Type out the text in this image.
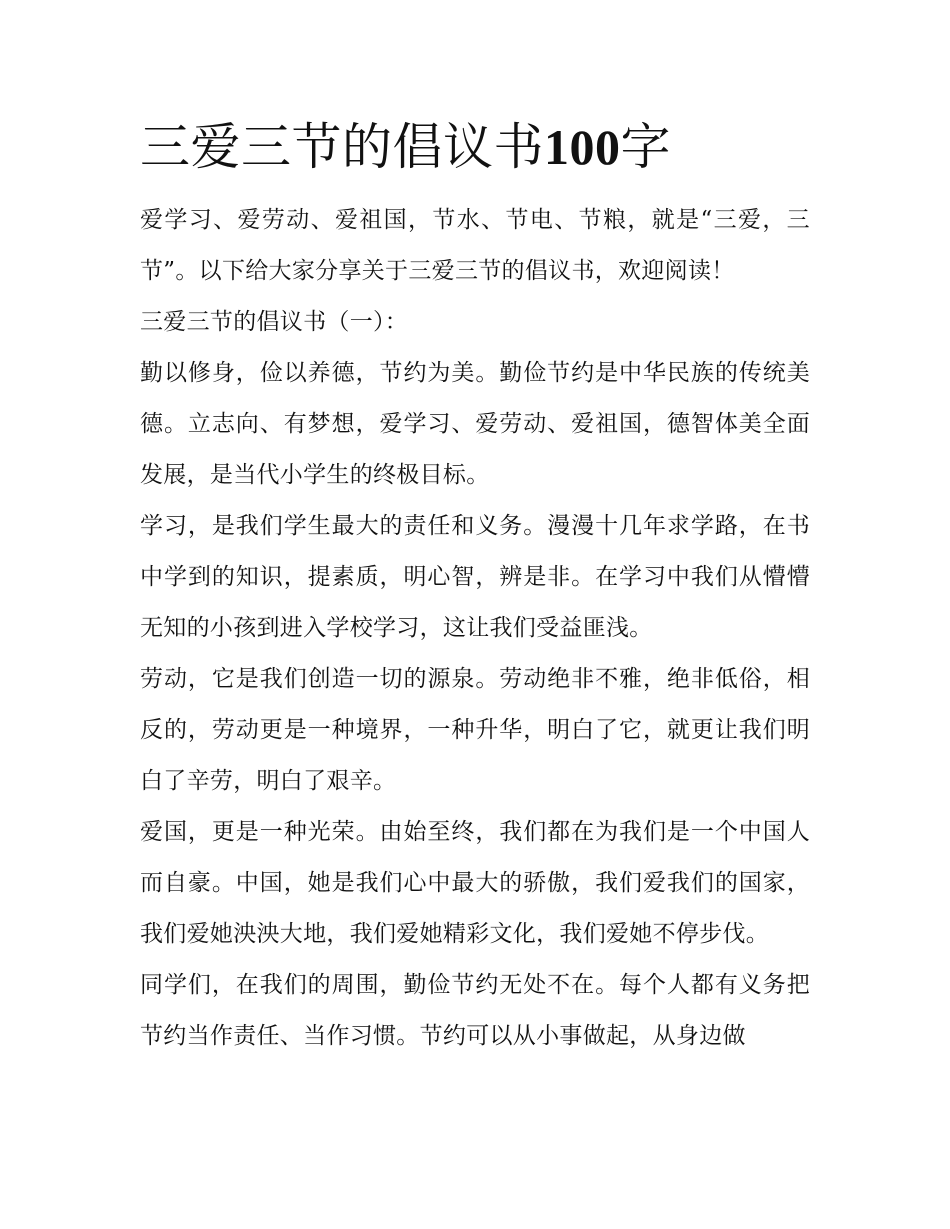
三爱三节的倡议书100字

爱学习、爱劳动、爱祖国，节水、节电、节粮，就是“三爱，三节”。以下给大家分享关于三爱三节的倡议书，欢迎阅读！

三爱三节的倡议书（一）：

勤以修身，俭以养德，节约为美。勤俭节约是中华民族的传统美德。立志向、有梦想，爱学习、爱劳动、爱祖国，德智体美全面发展，是当代小学生的终极目标。

学习，是我们学生最大的责任和义务。漫漫十几年求学路，在书中学到的知识，提素质，明心智，辨是非。在学习中我们从懵懵无知的小孩到进入学校学习，这让我们受益匪浅。

劳动，它是我们创造一切的源泉。劳动绝非不雅，绝非低俗，相反的，劳动更是一种境界，一种升华，明白了它，就更让我们明白了辛劳，明白了艰辛。

爱国，更是一种光荣。由始至终，我们都在为我们是一个中国人而自豪。中国，她是我们心中最大的骄傲，我们爱我们的国家，我们爱她泱泱大地，我们爱她精彩文化，我们爱她不停步伐。

同学们，在我们的周围，勤俭节约无处不在。每个人都有义务把节约当作责任、当作习惯。节约可以从小事做起，从身边做
